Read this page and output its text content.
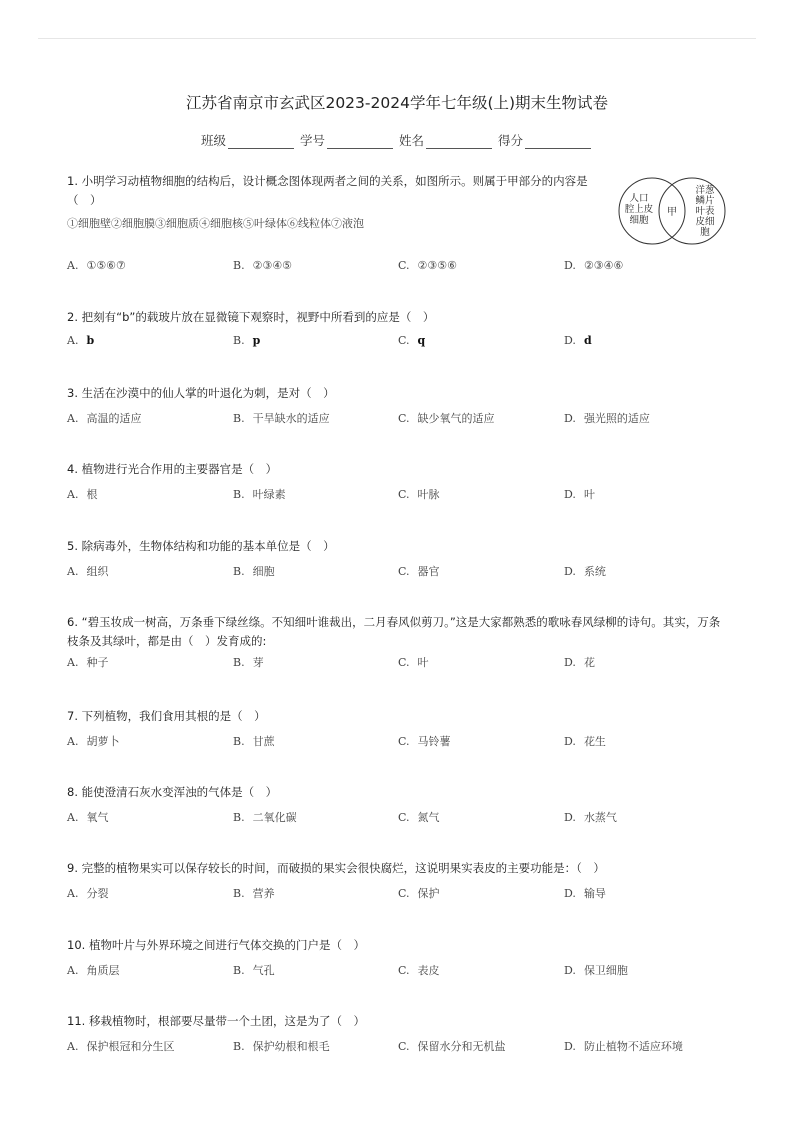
江苏省南京市玄武区2023-2024学年七年级(上)期末生物试卷
班级	学号	姓名	得分
人口腔上皮细胞
甲
洋葱鳞片叶表皮细胞
1. 小明学习动植物细胞的结构后，设计概念图体现两者之间的关系，如图所示。则属于甲部分的内容是（　）
①细胞壁②细胞膜③细胞质④细胞核⑤叶绿体⑥线粒体⑦液泡
A. ①⑤⑥⑦	B. ②③④⑤	C. ②③⑤⑥	D. ②③④⑥
2. 把刻有“b”的载玻片放在显微镜下观察时，视野中所看到的应是（　）
A. b	B. p	C. q	D. d
3. 生活在沙漠中的仙人掌的叶退化为刺，是对（　）
A. 高温的适应	B. 干旱缺水的适应	C. 缺少氧气的适应	D. 强光照的适应
4. 植物进行光合作用的主要器官是（　）
A. 根	B. 叶绿素	C. 叶脉	D. 叶
5. 除病毒外，生物体结构和功能的基本单位是（　）
A. 组织	B. 细胞	C. 器官	D. 系统
6. “碧玉妆成一树高，万条垂下绿丝绦。不知细叶谁裁出，二月春风似剪刀。”这是大家都熟悉的歌咏春风绿柳的诗句。其实，万条枝条及其绿叶，都是由（　）发育成的:
A. 种子	B. 芽	C. 叶	D. 花
7. 下列植物，我们食用其根的是（　）
A. 胡萝卜	B. 甘蔗	C. 马铃薯	D. 花生
8. 能使澄清石灰水变浑浊的气体是（　）
A. 氧气	B. 二氧化碳	C. 氮气	D. 水蒸气
9. 完整的植物果实可以保存较长的时间，而破损的果实会很快腐烂，这说明果实表皮的主要功能是：（　）
A. 分裂	B. 营养	C. 保护	D. 输导
10. 植物叶片与外界环境之间进行气体交换的门户是（　）
A. 角质层	B. 气孔	C. 表皮	D. 保卫细胞
11. 移栽植物时，根部要尽量带一个土团，这是为了（　）
A. 保护根冠和分生区	B. 保护幼根和根毛	C. 保留水分和无机盐	D. 防止植物不适应环境
